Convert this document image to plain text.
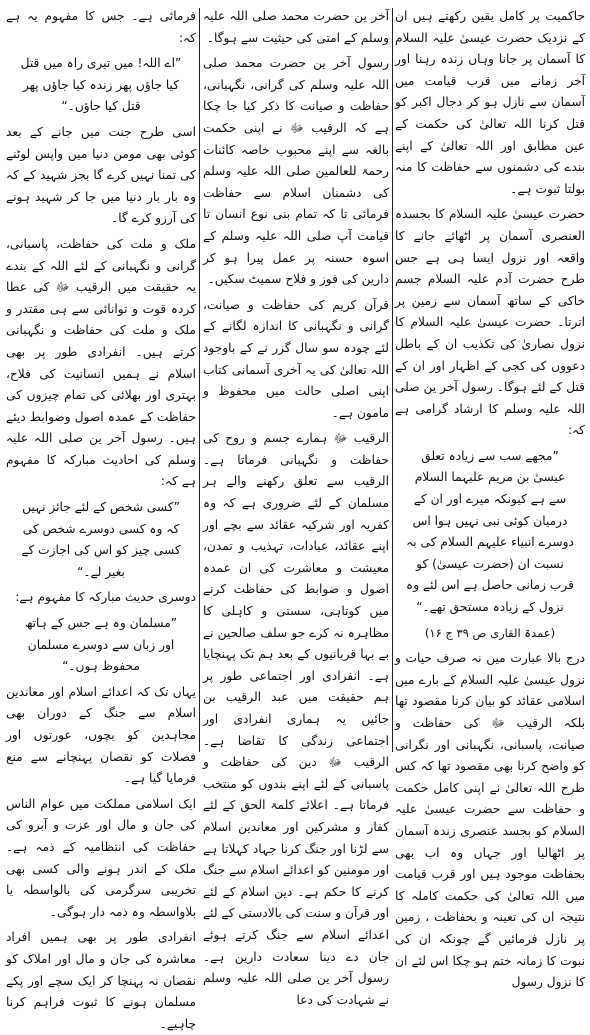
حاکمیت پر کامل یقین رکھتے ہیں ان کے نزدیک حضرت عیسیٰ علیہ السلام کا آسمان پر جانا وہاں زندہ رہنا اور آخر زمانے میں قرب قیامت میں آسمان سے نازل ہو کر دجال اکبر کو قتل کرنا اللہ تعالیٰ کی حکمت کے عین مطابق اور اللہ تعالیٰ کے اپنے بندے کی دشمنوں سے حفاظت کا منہ بولتا ثبوت ہے۔

حضرت عیسیٰ علیہ السلام کا بجسدہ العنصری آسمان پر اٹھائے جانے کا واقعہ اور نزول ایسا ہی ہے جس طرح حضرت آدم علیہ السلام جسم خاکی کے ساتھ آسمان سے زمین پر اترتا۔ حضرت عیسیٰ علیہ السلام کا نزول نصاریٰ کی تکذیب ان کے باطل دعووں کی کجی کے اظہار اور ان کے قتل کے لئے ہوگا۔ رسول آخر ین صلی اللہ علیہ وسلم کا ارشاد گرامی ہے کہ:

”مجھے سب سے زیادہ تعلق عیسیٰ بن مریم علیہما السلام سے ہے کیونکہ میرے اور ان کے درمیان کوئی نبی نہیں ہوا اس دوسرے انبیاء علیہم السلام کی بہ نسبت ان (حضرت عیسیٰ) کو قرب زمانی حاصل ہے اس لئے وہ نزول کے زیادہ مستحق تھے۔“

(عمدۃ القاری ص ۳۹ ج ۱۶)

درج بالا عبارت میں نہ صرف حیات و نزول عیسیٰ علیہ السلام کے بارے میں اسلامی عقائد کو بیان کرنا مقصود تھا بلکہ الرقیب ﷻ کی حفاظت و صیانت، پاسبانی، نگہبانی اور نگرانی کو واضح کرنا بھی مقصود تھا کہ کس طرح اللہ تعالیٰ نے اپنی کامل حکمت و حفاظت سے حضرت عیسیٰ علیہ السلام کو بجسد عنصری زندہ آسمان پر اٹھالیا اور جہاں وہ اب بھی بحفاظت موجود ہیں اور قرب قیامت میں اللہ تعالیٰ کی حکمت کاملہ کا نتیجہ ان کی تعینہ و بحفاظت ، زمین پر نازل فرمائیں گے چونکہ ان کی نبوت کا زمانہ ختم ہو چکا اس لئے ان کا نزول رسول

آخر ین حضرت محمد صلی اللہ علیہ وسلم کے امتی کی حیثیت سے ہوگا۔

رسول آخر ین حضرت محمد صلی اللہ علیہ وسلم کی گرانی، نگہبانی، حفاظت و صیانت کا ذکر کیا جا چکا ہے کہ الرقیب ﷻ نے اپنی حکمت بالغہ سے اپنے محبوب خاصہ کائنات رحمۃ للعالمین صلی اللہ علیہ وسلم کی دشمنان اسلام سے حفاظت فرمائی تا کہ تمام بنی نوع انسان تا قیامت آپ صلی اللہ علیہ وسلم کے اسوہ حسنہ پر عمل پیرا ہو کر دارین کی فوز و فلاح سمیٹ سکیں۔

قرآن کریم کی حفاظت و صیانت، گرانی و نگہبانی کا اندازہ لگانے کے لئے چودہ سو سال گزر نے کے باوجود اللہ تعالیٰ کی یہ آخری آسمانی کتاب اپنی اصلی حالت میں محفوظ و مامون ہے۔

الرقیب ﷻ ہمارے جسم و روح کی حفاظت و نگہبانی فرماتا ہے۔ الرقیب سے تعلق رکھنے والے ہر مسلمان کے لئے ضروری ہے کہ وہ کفریہ اور شرکیہ عقائد سے بچے اور اپنے عقائد، عبادات، تہذیب و تمدن، معیشت و معاشرت کی ان عمدہ اصول و ضوابط کی حفاظت کرنے میں کوتاہی، سستی و کاہلی کا مظاہرہ نہ کرے جو سلف صالحین نے بے بہا قربانیوں کے بعد ہم تک پہنچایا ہے۔ انفرادی اور اجتماعی طور پر ہم حقیقت میں عبد الرقیب بن جائیں یہ ہماری انفرادی اور اجتماعی زندگی کا تقاضا ہے۔ الرقیب ﷻ دین کی حفاظت و پاسبانی کے لئے اپنے بندوں کو منتخب فرماتا ہے۔ اعلائے کلمۃ الحق کے لئے کفار و مشرکین اور معاندین اسلام سے لڑنا اور جنگ کرنا جہاد کہلاتا ہے اور مومنین کو اعدائے اسلام سے جنگ کرنے کا حکم ہے۔ دین اسلام کے لئے اور قرآن و سنت کی بالادستی کے لئے اعدائے اسلام سے جنگ کرتے ہوئے جان دے دینا سعادت دارین ہے۔ رسول آخر ین صلی اللہ علیہ وسلم نے شہادت کی دعا

فرمائی ہے۔ جس کا مفہوم یہ ہے کہ:

”اے اللہ! میں تیری راہ میں قتل کیا جاؤں پھر زندہ کیا جاؤں پھر قتل کیا جاؤں۔“

اسی طرح جنت میں جانے کے بعد کوئی بھی مومن دنیا میں واپس لوٹنے کی تمنا نہیں کرے گا بجز شہید کے کہ وہ بار بار دنیا میں جا کر شہید ہونے کی آرزو کرے گا۔

ملک و ملت کی حفاظت، پاسبانی، گرانی و نگہبانی کے لئے اللہ کے بندے یہ حقیقت میں الرقیب ﷻ کی عطا کردہ قوت و توانائی سے ہی مقتدر و ملک و ملت کی حفاظت و نگہبانی کرتے ہیں۔ انفرادی طور پر بھی اسلام نے ہمیں انسانیت کی فلاح، بہتری اور بھلائی کی تمام چیزوں کی حفاظت کے عمدہ اصول وضوابط دیئے ہیں۔ رسول آخر ین صلی اللہ علیہ وسلم کی احادیث مبارکہ کا مفہوم ہے کہ:

”کسی شخص کے لئے جائز نہیں کہ وہ کسی دوسرے شخص کی کسی چیز کو اس کی اجازت کے بغیر لے۔“

دوسری حدیث مبارکہ کا مفہوم ہے:

”مسلمان وہ ہے جس کے ہاتھ اور زبان سے دوسرے مسلمان محفوظ ہوں۔“

یہاں تک کہ اعدائے اسلام اور معاندین اسلام سے جنگ کے دوران بھی مجاہدین کو بچوں، عورتوں اور فصلات کو نقصان پہنچانے سے منع فرمایا گیا ہے۔

ایک اسلامی مملکت میں عوام الناس کی جان و مال اور عزت و آبرو کی حفاظت کی انتظامیہ کے ذمہ ہے۔ ملک کے اندر ہونے والی کسی بھی تخریبی سرگرمی کی بالواسطہ یا بلاواسطہ وہ ذمہ دار ہوگی۔

انفرادی طور پر بھی ہمیں افراد معاشرہ کی جان و مال اور املاک کو نقصان نہ پہنچا کر ایک سچے اور پکے مسلمان ہونے کا ثبوت فراہم کرنا چاہیے۔
